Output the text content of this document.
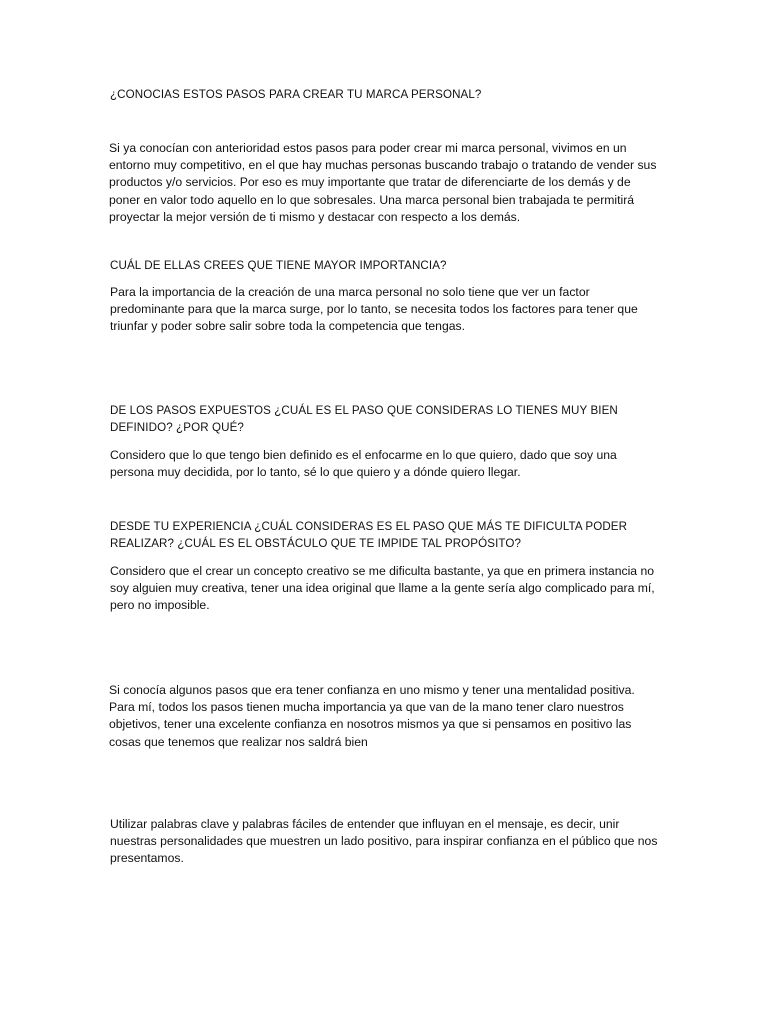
¿CONOCIAS ESTOS PASOS PARA CREAR TU MARCA PERSONAL?

Si ya conocían con anterioridad estos pasos para poder crear mi marca personal, vivimos en un entorno muy competitivo, en el que hay muchas personas buscando trabajo o tratando de vender sus productos y/o servicios. Por eso es muy importante que tratar de diferenciarte de los demás y de poner en valor todo aquello en lo que sobresales. Una marca personal bien trabajada te permitirá proyectar la mejor versión de ti mismo y destacar con respecto a los demás.

CUÁL DE ELLAS CREES QUE TIENE MAYOR IMPORTANCIA?

Para la importancia de la creación de una marca personal no solo tiene que ver un factor predominante para que la marca surge, por lo tanto, se necesita todos los factores para tener que triunfar y poder sobre salir sobre toda la competencia que tengas.

DE LOS PASOS EXPUESTOS ¿CUÁL ES EL PASO QUE CONSIDERAS LO TIENES MUY BIEN DEFINIDO? ¿POR QUÉ?

Considero que lo que tengo bien definido es el enfocarme en lo que quiero, dado que soy una persona muy decidida, por lo tanto, sé lo que quiero y a dónde quiero llegar.

DESDE TU EXPERIENCIA ¿CUÁL CONSIDERAS ES EL PASO QUE MÁS TE DIFICULTA PODER REALIZAR? ¿CUÁL ES EL OBSTÁCULO QUE TE IMPIDE TAL PROPÓSITO?

Considero que el crear un concepto creativo se me dificulta bastante, ya que en primera instancia no soy alguien muy creativa, tener una idea original que llame a la gente sería algo complicado para mí, pero no imposible.

Si conocía algunos pasos que era tener confianza en uno mismo y tener una mentalidad positiva. Para mí, todos los pasos tienen mucha importancia ya que van de la mano tener claro nuestros objetivos, tener una excelente confianza en nosotros mismos ya que si pensamos en positivo las cosas que tenemos que realizar nos saldrá bien

Utilizar palabras clave y palabras fáciles de entender que influyan en el mensaje, es decir, unir nuestras personalidades que muestren un lado positivo, para inspirar confianza en el público que nos presentamos.
